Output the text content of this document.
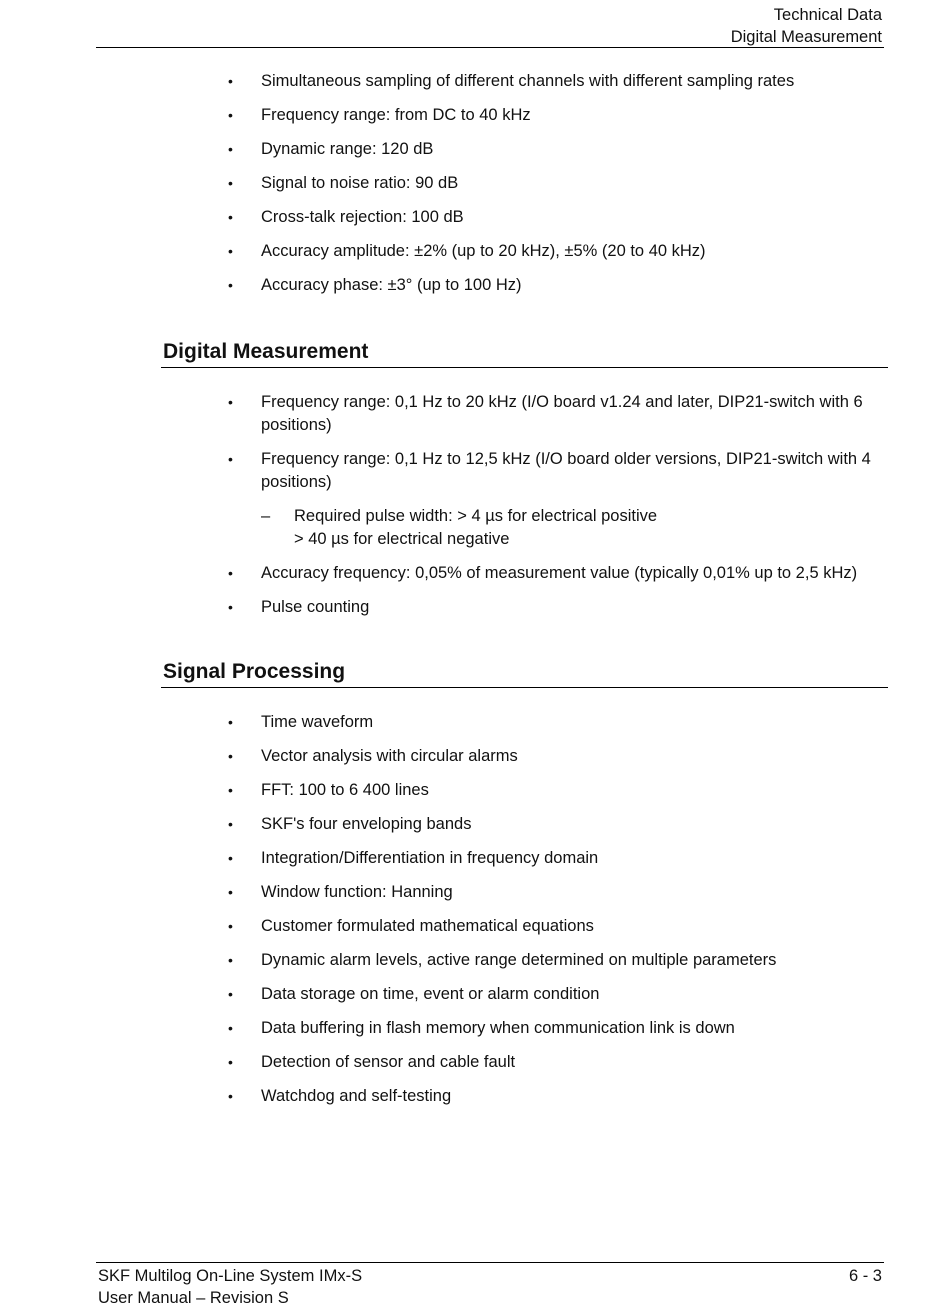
Technical Data
Digital Measurement
• Simultaneous sampling of different channels with different sampling rates
• Frequency range: from DC to 40 kHz
• Dynamic range: 120 dB
• Signal to noise ratio: 90 dB
• Cross-talk rejection: 100 dB
• Accuracy amplitude: ±2% (up to 20 kHz), ±5% (20 to 40 kHz)
• Accuracy phase: ±3° (up to 100 Hz)
Digital Measurement
• Frequency range: 0,1 Hz to 20 kHz (I/O board v1.24 and later, DIP21-switch with 6 positions)
• Frequency range: 0,1 Hz to 12,5 kHz (I/O board older versions, DIP21-switch with 4 positions)
– Required pulse width: > 4 µs for electrical positive
> 40 µs for electrical negative
• Accuracy frequency: 0,05% of measurement value (typically 0,01% up to 2,5 kHz)
• Pulse counting
Signal Processing
• Time waveform
• Vector analysis with circular alarms
• FFT: 100 to 6 400 lines
• SKF's four enveloping bands
• Integration/Differentiation in frequency domain
• Window function: Hanning
• Customer formulated mathematical equations
• Dynamic alarm levels, active range determined on multiple parameters
• Data storage on time, event or alarm condition
• Data buffering in flash memory when communication link is down
• Detection of sensor and cable fault
• Watchdog and self-testing
SKF Multilog On-Line System IMx-S
User Manual – Revision S
6 - 3
